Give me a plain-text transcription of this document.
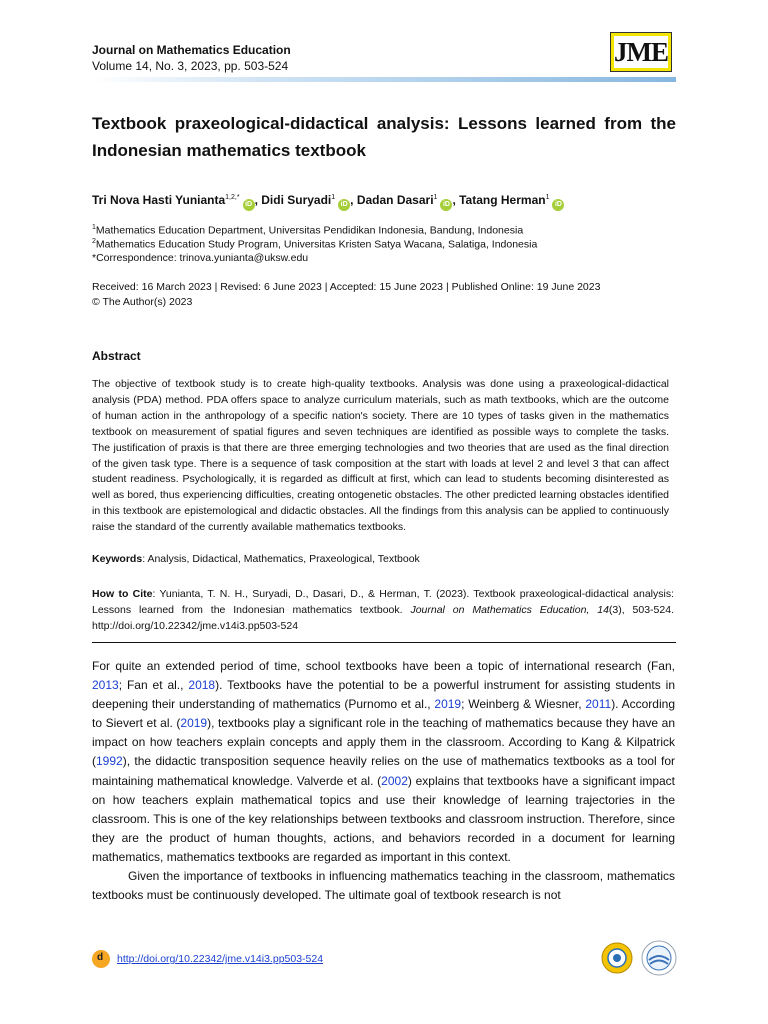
Journal on Mathematics Education
Volume 14, No. 3, 2023, pp. 503-524	JME
Textbook praxeological-didactical analysis: Lessons learned from the Indonesian mathematics textbook
Tri Nova Hasti Yunianta$^{1,2,*}$iD , Didi Suryadi$^1$iD , Dadan Dasari$^1$iD , Tatang Herman$^1$iD
$^1$Mathematics Education Department, Universitas Pendidikan Indonesia, Bandung, Indonesia
$^2$Mathematics Education Study Program, Universitas Kristen Satya Wacana, Salatiga, Indonesia
*Correspondence: trinova.yunianta@uksw.edu
Received: 16 March 2023 | Revised: 6 June 2023 | Accepted: 15 June 2023 | Published Online: 19 June 2023
© The Author(s) 2023
Abstract
The objective of textbook study is to create high-quality textbooks. Analysis was done using a praxeological-didactical analysis (PDA) method. PDA offers space to analyze curriculum materials, such as math textbooks, which are the outcome of human action in the anthropology of a specific nation's society. There are 10 types of tasks given in the mathematics textbook on measurement of spatial figures and seven techniques are identified as possible ways to complete the tasks. The justification of praxis is that there are three emerging technologies and two theories that are used as the final direction of the given task type. There is a sequence of task composition at the start with loads at level 2 and level 3 that can affect student readiness. Psychologically, it is regarded as difficult at first, which can lead to students becoming disinterested as well as bored, thus experiencing difficulties, creating ontogenetic obstacles. The other predicted learning obstacles identified in this textbook are epistemological and didactic obstacles. All the findings from this analysis can be applied to continuously raise the standard of the currently available mathematics textbooks.
Keywords: Analysis, Didactical, Mathematics, Praxeological, Textbook
How to Cite: Yunianta, T. N. H., Suryadi, D., Dasari, D., & Herman, T. (2023). Textbook praxeological-didactical analysis: Lessons learned from the Indonesian mathematics textbook. Journal on Mathematics Education, 14(3), 503-524. http://doi.org/10.22342/jme.v14i3.pp503-524

For quite an extended period of time, school textbooks have been a topic of international research (Fan, 2013; Fan et al., 2018). Textbooks have the potential to be a powerful instrument for assisting students in deepening their understanding of mathematics (Purnomo et al., 2019; Weinberg & Wiesner, 2011). According to Sievert et al. (2019), textbooks play a significant role in the teaching of mathematics because they have an impact on how teachers explain concepts and apply them in the classroom. According to Kang & Kilpatrick (1992), the didactic transposition sequence heavily relies on the use of mathematics textbooks as a tool for maintaining mathematical knowledge. Valverde et al. (2002) explains that textbooks have a significant impact on how teachers explain mathematical topics and use their knowledge of learning trajectories in the classroom. This is one of the key relationships between textbooks and classroom instruction. Therefore, since they are the product of human thoughts, actions, and behaviors recorded in a document for learning mathematics, mathematics textbooks are regarded as important in this context.

Given the importance of textbooks in influencing mathematics teaching in the classroom, mathematics textbooks must be continuously developed. The ultimate goal of textbook research is not

d http://doi.org/10.22342/jme.v14i3.pp503-524
